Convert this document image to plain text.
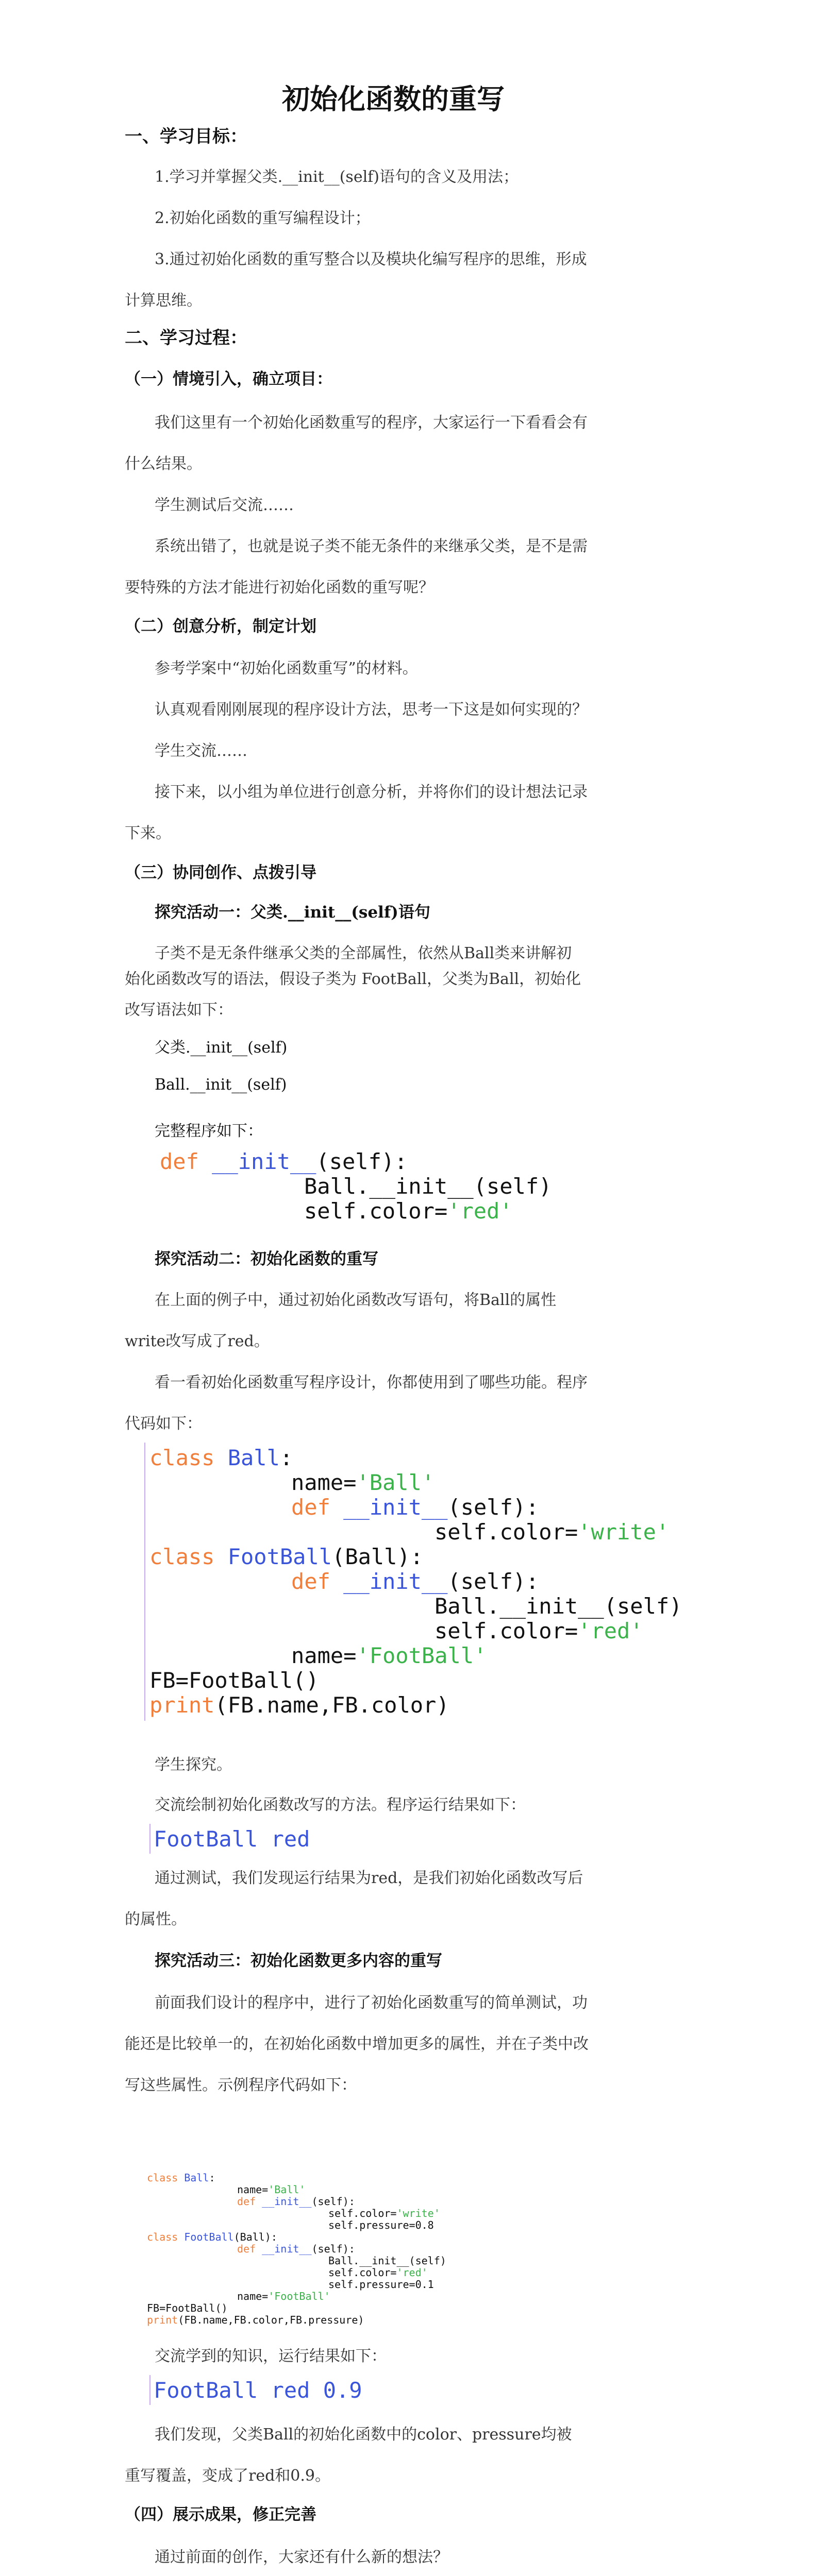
初始化函数的重写
一、学习目标：
1.学习并掌握父类.__init__(self)语句的含义及用法；
2.初始化函数的重写编程设计；
3.通过初始化函数的重写整合以及模块化编写程序的思维，形成
计算思维。
二、学习过程：
（一）情境引入，确立项目：
我们这里有一个初始化函数重写的程序，大家运行一下看看会有
什么结果。
学生测试后交流……
系统出错了，也就是说子类不能无条件的来继承父类，是不是需
要特殊的方法才能进行初始化函数的重写呢？
（二）创意分析，制定计划
参考学案中“初始化函数重写”的材料。
认真观看刚刚展现的程序设计方法，思考一下这是如何实现的？
学生交流……
接下来，以小组为单位进行创意分析，并将你们的设计想法记录
下来。
（三）协同创作、点拨引导
探究活动一：父类.__init__(self)语句
子类不是无条件继承父类的全部属性，依然从Ball类来讲解初
始化函数改写的语法，假设子类为 FootBall，父类为Ball，初始化
改写语法如下：
父类.__init__(self)
Ball.__init__(self)
完整程序如下：
def __init__(self):
Ball.__init__(self)
self.color='red'
探究活动二：初始化函数的重写
在上面的例子中，通过初始化函数改写语句，将Ball的属性
write改写成了red。
看一看初始化函数重写程序设计，你都使用到了哪些功能。程序
代码如下：
class Ball:
name='Ball'
def __init__(self):
self.color='write'
class FootBall(Ball):
def __init__(self):
Ball.__init__(self)
self.color='red'
name='FootBall'
FB=FootBall()
print(FB.name,FB.color)
学生探究。
交流绘制初始化函数改写的方法。程序运行结果如下：
FootBall red
通过测试，我们发现运行结果为red，是我们初始化函数改写后
的属性。
探究活动三：初始化函数更多内容的重写
前面我们设计的程序中，进行了初始化函数重写的简单测试，功
能还是比较单一的，在初始化函数中增加更多的属性，并在子类中改
写这些属性。示例程序代码如下：
class Ball:
name='Ball'
def __init__(self):
self.color='write'
self.pressure=0.8
class FootBall(Ball):
def __init__(self):
Ball.__init__(self)
self.color='red'
self.pressure=0.1
name='FootBall'
FB=FootBall()
print(FB.name,FB.color,FB.pressure)
交流学到的知识，运行结果如下：
FootBall red 0.9
我们发现，父类Ball的初始化函数中的color、pressure均被
重写覆盖，变成了red和0.9。
（四）展示成果，修正完善
通过前面的创作，大家还有什么新的想法？
